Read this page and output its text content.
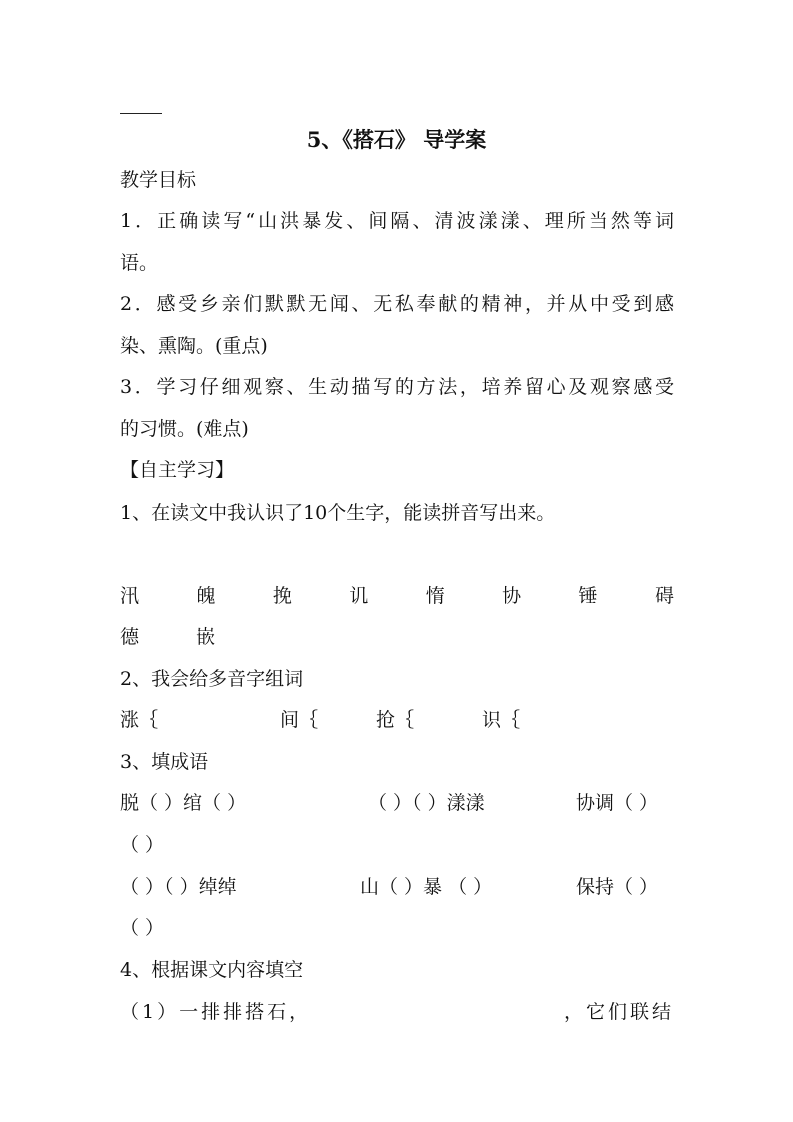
5、《搭石》 导学案
教学目标
1．正确读写“山洪暴发、间隔、清波漾漾、理所当然等词
语。
2．感受乡亲们默默无闻、无私奉献的精神，并从中受到感
染、熏陶。(重点)
3．学习仔细观察、生动描写的方法，培养留心及观察感受
的习惯。(难点)
【自主学习】
1、在读文中我认识了10个生字，能读拼音写出来。
汛	魄	挽	讥	惰	协	锤	碍
德	嵌
2、我会给多音字组词
涨｛	间｛	抢｛	识｛
3、填成语
脱（ ）绾（ ）	（ ）（ ）漾漾	协调（ ）
（ ）
（ ）（ ）绰绰	山（ ）暴 （ ）	保持（ ）
（ ）
4、根据课文内容填空
（1）一排排搭石，	，它们联结
